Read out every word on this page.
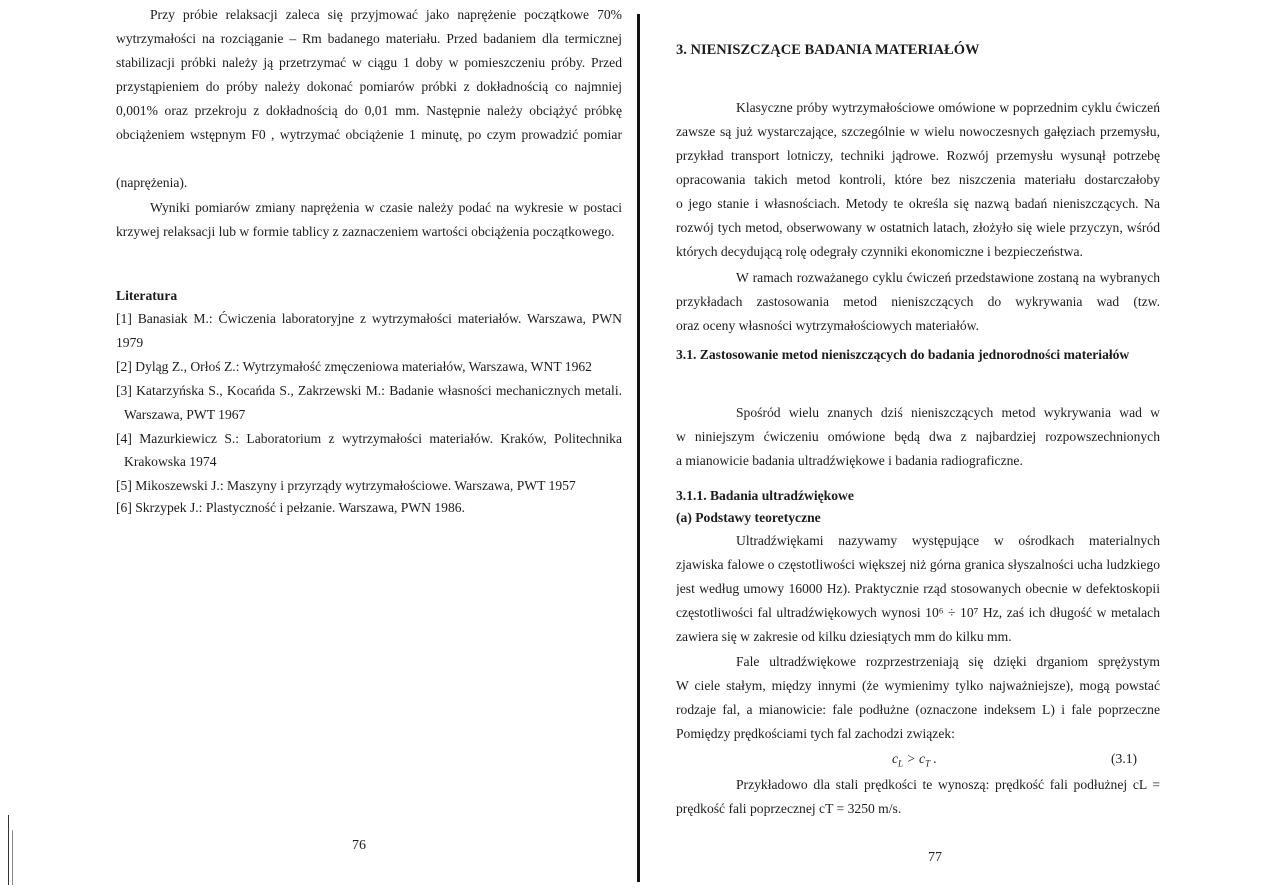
Przy próbie relaksacji zaleca się przyjmować jako naprężenie początkowe 70%
wytrzymałości na rozciąganie – Rm badanego materiału. Przed badaniem dla termicznej
stabilizacji próbki należy ją przetrzymać w ciągu 1 doby w pomieszczeniu próby. Przed
przystąpieniem do próby należy dokonać pomiarów próbki z dokładnością co najmniej
0,001% oraz przekroju z dokładnością do 0,01 mm. Następnie należy obciążyć próbkę
obciążeniem wstępnym F0 , wytrzymać obciążenie 1 minutę, po czym prowadzić pomiar
(naprężenia).
Wyniki pomiarów zmiany naprężenia w czasie należy podać na wykresie w postaci
krzywej relaksacji lub w formie tablicy z zaznaczeniem wartości obciążenia początkowego.
Literatura
[1] Banasiak M.: Ćwiczenia laboratoryjne z wytrzymałości materiałów. Warszawa, PWN
1979
[2] Dyląg Z., Orłoś Z.: Wytrzymałość zmęczeniowa materiałów, Warszawa, WNT 1962
[3] Katarzyńska S., Kocańda S., Zakrzewski M.: Badanie własności mechanicznych metali.
Warszawa, PWT 1967
[4] Mazurkiewicz S.: Laboratorium z wytrzymałości materiałów. Kraków, Politechnika
Krakowska 1974
[5] Mikoszewski J.: Maszyny i przyrządy wytrzymałościowe. Warszawa, PWT 1957
[6] Skrzypek J.: Plastyczność i pełzanie. Warszawa, PWN 1986.
3. NIENISZCZĄCE BADANIA MATERIAŁÓW
Klasyczne próby wytrzymałościowe omówione w poprzednim cyklu ćwiczeń
zawsze są już wystarczające, szczególnie w wielu nowoczesnych gałęziach przemysłu,
przykład transport lotniczy, techniki jądrowe. Rozwój przemysłu wysunął potrzebę
opracowania takich metod kontroli, które bez niszczenia materiału dostarczałoby
o jego stanie i własnościach. Metody te określa się nazwą badań nieniszczących. Na
rozwój tych metod, obserwowany w ostatnich latach, złożyło się wiele przyczyn, wśród
których decydującą rolę odegrały czynniki ekonomiczne i bezpieczeństwa.
W ramach rozważanego cyklu ćwiczeń przedstawione zostaną na wybranych
przykładach zastosowania metod nieniszczących do wykrywania wad (tzw.
oraz oceny własności wytrzymałościowych materiałów.
3.1. Zastosowanie metod nieniszczących do badania jednorodności materiałów
Spośród wielu znanych dziś nieniszczących metod wykrywania wad w
w niniejszym ćwiczeniu omówione będą dwa z najbardziej rozpowszechnionych
a mianowicie badania ultradźwiękowe i badania radiograficzne.
3.1.1. Badania ultradźwiękowe
(a) Podstawy teoretyczne
Ultradźwiękami nazywamy występujące w ośrodkach materialnych
zjawiska falowe o częstotliwości większej niż górna granica słyszalności ucha ludzkiego
jest według umowy 16000 Hz). Praktycznie rząd stosowanych obecnie w defektoskopii
częstotliwości fal ultradźwiękowych wynosi 10⁶ ÷ 10⁷ Hz, zaś ich długość w metalach
zawiera się w zakresie od kilku dziesiątych mm do kilku mm.
Fale ultradźwiękowe rozprzestrzeniają się dzięki drganiom sprężystym
W ciele stałym, między innymi (że wymienimy tylko najważniejsze), mogą powstać
rodzaje fal, a mianowicie: fale podłużne (oznaczone indeksem L) i fale poprzeczne
Pomiędzy prędkościami tych fal zachodzi związek:
Przykładowo dla stali prędkości te wynoszą: prędkość fali podłużnej cL =
prędkość fali poprzecznej cT = 3250 m/s.
76
77
$c_L > c_T$ .	(3.1)
